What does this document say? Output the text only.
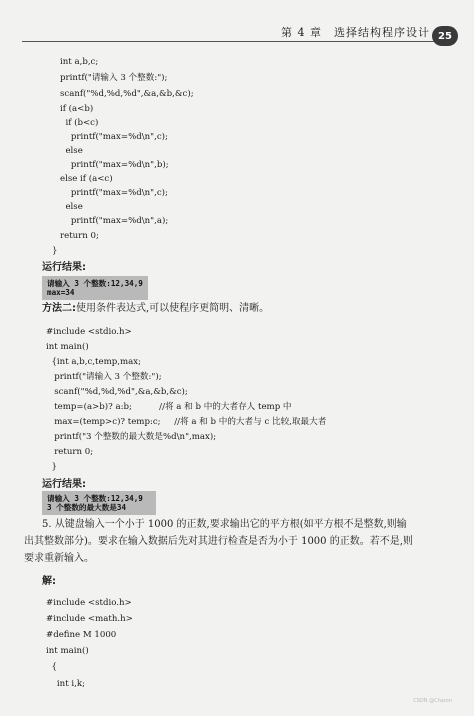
第 4 章　选择结构程序设计 25
int a,b,c;
printf("请输入 3 个整数:");
scanf("%d,%d,%d",&a,&b,&c);
if (a<b)
if (b<c)
printf("max=%d\n",c);
else
printf("max=%d\n",b);
else if (a<c)
printf("max=%d\n",c);
else
printf("max=%d\n",a);
return 0;
}
运行结果:
请输入 3 个整数:12,34,9
max=34
方法二:使用条件表达式,可以使程序更简明、清晰。
#include <stdio.h>
int main()
{int a,b,c,temp,max;
printf("请输入 3 个整数:");
scanf("%d,%d,%d",&a,&b,&c);
temp=(a>b)? a:b;          //将 a 和 b 中的大者存人 temp 中
max=(temp>c)? temp:c;     //将 a 和 b 中的大者与 c 比较,取最大者
printf("3 个整数的最大数是%d\n",max);
return 0;
}
运行结果:
请输入 3 个整数:12,34,9
3 个整数的最大数是34
5. 从键盘输入一个小于 1000 的正数,要求输出它的平方根(如平方根不是整数,则输
出其整数部分)。要求在输入数据后先对其进行检查是否为小于 1000 的正数。若不是,则
要求重新输入。
解:
#include <stdio.h>
#include <math.h>
#define M 1000
int main()
{
int i,k;
CSDN @Charon
